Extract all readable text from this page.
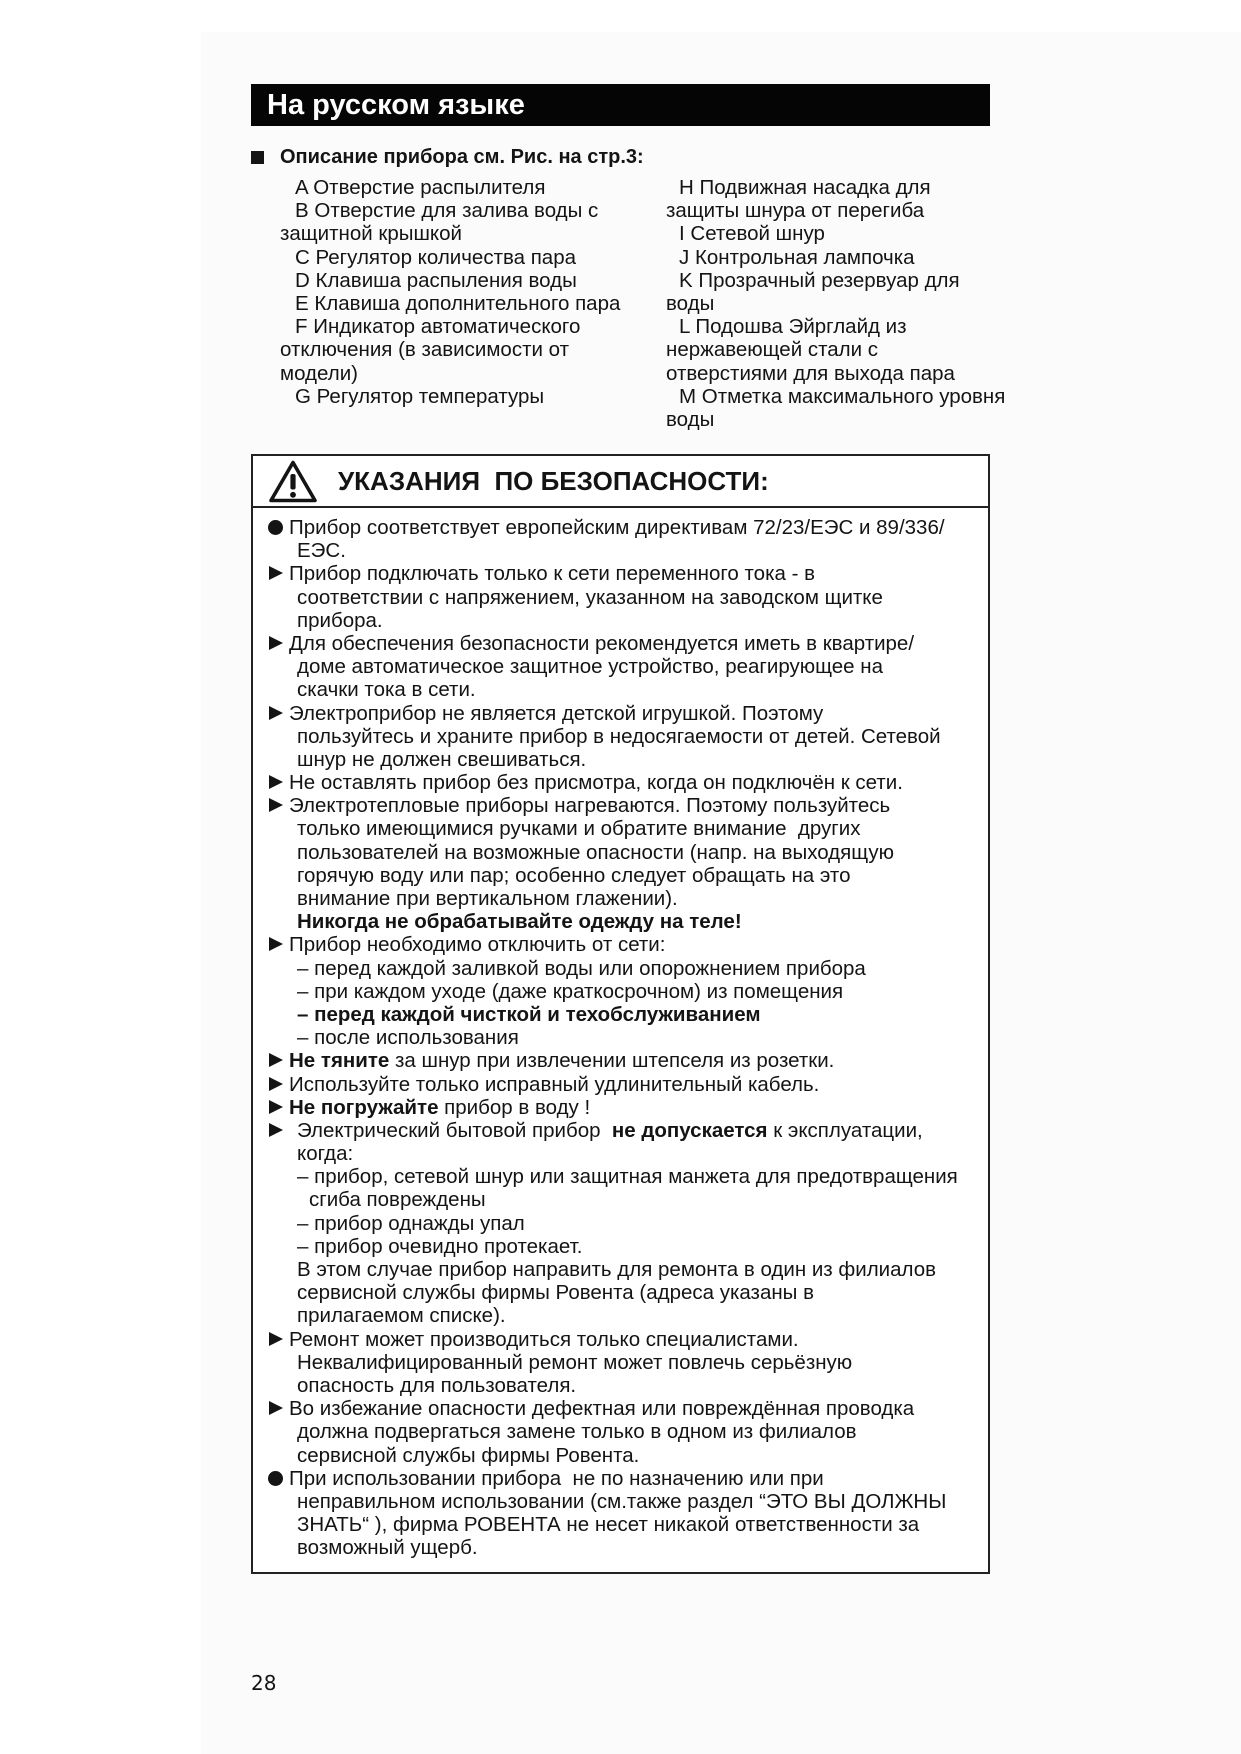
На русском языке
Описание прибора см. Рис. на стр.3:
A Отверстие распылителя
B Отверстие для залива воды с
защитной крышкой
C Регулятор количества пара
D Клавиша распыления воды
E Клавиша дополнительного пара
F Индикатор автоматического
отключения (в зависимости от
модели)
G Регулятор температуры
H Подвижная насадка для
защиты шнура от перегиба
I Сетевой шнур
J Контрольная лампочка
K Прозрачный резервуар для
воды
L Подошва Эйрглайд из
нержавеющей стали с
отверстиями для выхода пара
M Отметка максимального уровня
воды
УКАЗАНИЯ  ПО БЕЗОПАСНОСТИ:
Прибор соответствует европейским директивам 72/23/ЕЭС и 89/336/
ЕЭС.
Прибор подключать только к сети переменного тока - в
соответствии с напряжением, указанном на заводском щитке
прибора.
Для обеспечения безопасности рекомендуется иметь в квартире/
доме автоматическое защитное устройство, реагирующее на
скачки тока в сети.
Электроприбор не является детской игрушкой. Поэтому
пользуйтесь и храните прибор в недосягаемости от детей. Сетевой
шнур не должен свешиваться.
Не оставлять прибор без присмотра, когда он подключён к сети.
Электротепловые приборы нагреваются. Поэтому пользуйтесь
только имеющимися ручками и обратите внимание  других
пользователей на возможные опасности (напр. на выходящую
горячую воду или пар; особенно следует обращать на это
внимание при вертикальном глажении).
Никогда не обрабатывайте одежду на теле!
Прибор необходимо отключить от сети:
– перед каждой заливкой воды или опорожнением прибора
– при каждом уходе (даже краткосрочном) из помещения
– перед каждой чисткой и техобслуживанием
– после использования
Не тяните за шнур при извлечении штепселя из розетки.
Используйте только исправный удлинительный кабель.
Не погружайте прибор в воду !
Электрический бытовой прибор  не допускается к эксплуатации,
когда:
– прибор, сетевой шнур или защитная манжета для предотвращения
сгиба повреждены
– прибор однажды упал
– прибор очевидно протекает.
В этом случае прибор направить для ремонта в один из филиалов
сервисной службы фирмы Ровента (адреса указаны в
прилагаемом списке).
Ремонт может производиться только специалистами.
Неквалифицированный ремонт может повлечь серьёзную
опасность для пользователя.
Во избежание опасности дефектная или повреждённая проводка
должна подвергаться замене только в одном из филиалов
сервисной службы фирмы Ровента.
При использовании прибора  не по назначению или при
неправильном использовании (см.также раздел “ЭТО ВЫ ДОЛЖНЫ
ЗНАТЬ“ ), фирма РОВЕНТА не несет никакой ответственности за
возможный ущерб.
28
